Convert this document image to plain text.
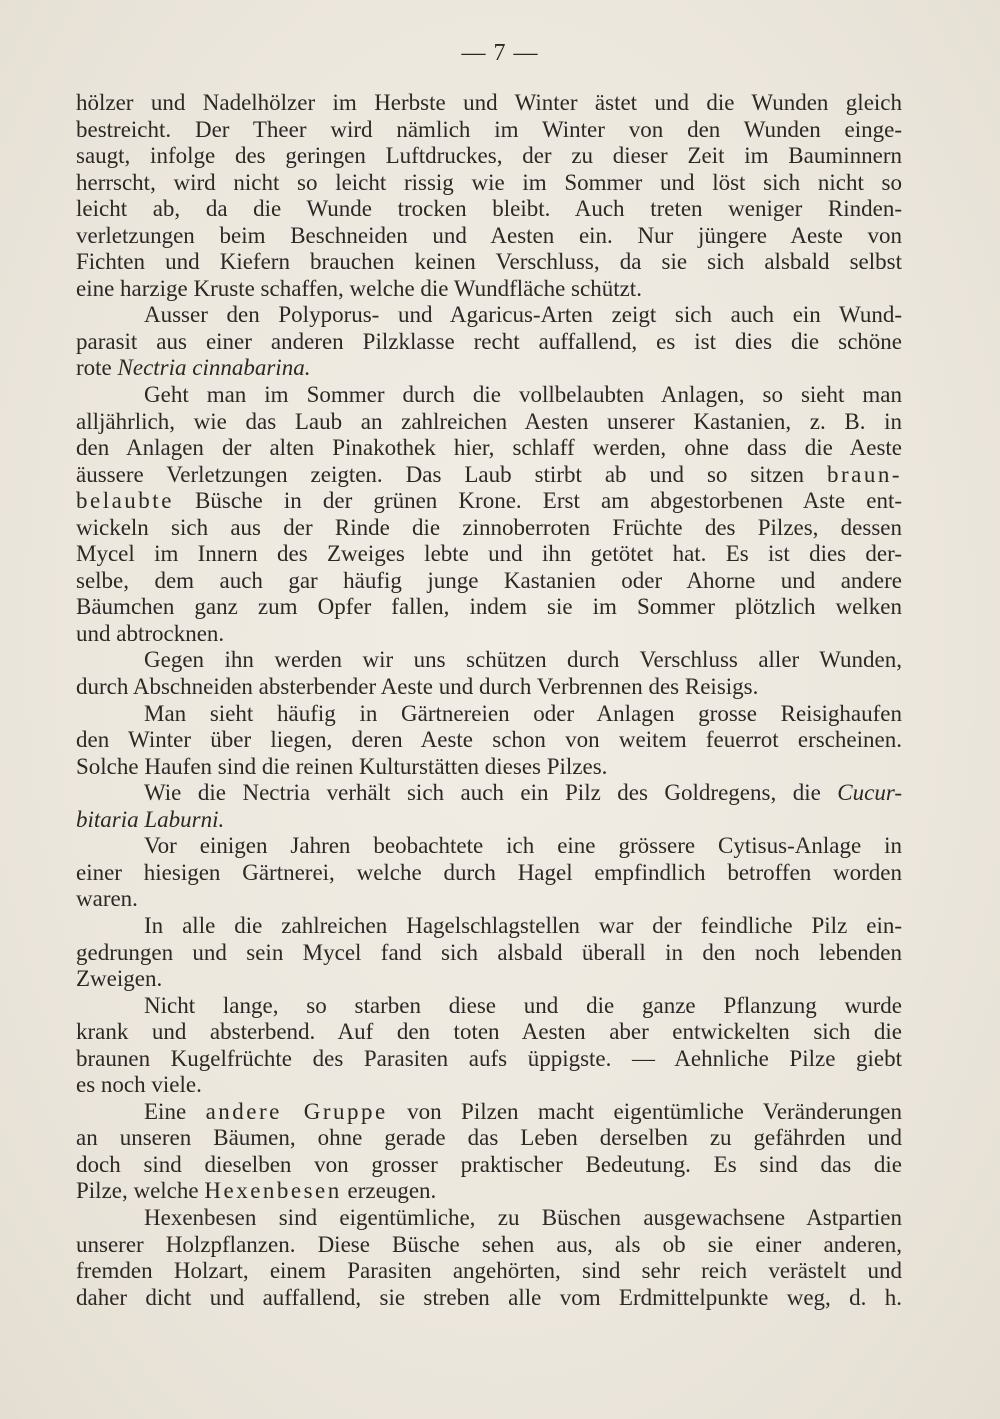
— 7 —
hölzer und Nadelhölzer im Herbste und Winter ästet und die Wunden gleich
bestreicht. Der Theer wird nämlich im Winter von den Wunden einge-
saugt, infolge des geringen Luftdruckes, der zu dieser Zeit im Bauminnern
herrscht, wird nicht so leicht rissig wie im Sommer und löst sich nicht so
leicht ab, da die Wunde trocken bleibt. Auch treten weniger Rinden-
verletzungen beim Beschneiden und Aesten ein. Nur jüngere Aeste von
Fichten und Kiefern brauchen keinen Verschluss, da sie sich alsbald selbst
eine harzige Kruste schaffen, welche die Wundfläche schützt.
Ausser den Polyporus- und Agaricus-Arten zeigt sich auch ein Wund-
parasit aus einer anderen Pilzklasse recht auffallend, es ist dies die schöne
rote Nectria cinnabarina.
Geht man im Sommer durch die vollbelaubten Anlagen, so sieht man
alljährlich, wie das Laub an zahlreichen Aesten unserer Kastanien, z. B. in
den Anlagen der alten Pinakothek hier, schlaff werden, ohne dass die Aeste
äussere Verletzungen zeigten. Das Laub stirbt ab und so sitzen braun-
belaubte Büsche in der grünen Krone. Erst am abgestorbenen Aste ent-
wickeln sich aus der Rinde die zinnoberroten Früchte des Pilzes, dessen
Mycel im Innern des Zweiges lebte und ihn getötet hat. Es ist dies der-
selbe, dem auch gar häufig junge Kastanien oder Ahorne und andere
Bäumchen ganz zum Opfer fallen, indem sie im Sommer plötzlich welken
und abtrocknen.
Gegen ihn werden wir uns schützen durch Verschluss aller Wunden,
durch Abschneiden absterbender Aeste und durch Verbrennen des Reisigs.
Man sieht häufig in Gärtnereien oder Anlagen grosse Reisighaufen
den Winter über liegen, deren Aeste schon von weitem feuerrot erscheinen.
Solche Haufen sind die reinen Kulturstätten dieses Pilzes.
Wie die Nectria verhält sich auch ein Pilz des Goldregens, die Cucur-
bitaria Laburni.
Vor einigen Jahren beobachtete ich eine grössere Cytisus-Anlage in
einer hiesigen Gärtnerei, welche durch Hagel empfindlich betroffen worden
waren.
In alle die zahlreichen Hagelschlagstellen war der feindliche Pilz ein-
gedrungen und sein Mycel fand sich alsbald überall in den noch lebenden
Zweigen.
Nicht lange, so starben diese und die ganze Pflanzung wurde
krank und absterbend. Auf den toten Aesten aber entwickelten sich die
braunen Kugelfrüchte des Parasiten aufs üppigste. — Aehnliche Pilze giebt
es noch viele.
Eine andere Gruppe von Pilzen macht eigentümliche Veränderungen
an unseren Bäumen, ohne gerade das Leben derselben zu gefährden und
doch sind dieselben von grosser praktischer Bedeutung. Es sind das die
Pilze, welche Hexenbesen erzeugen.
Hexenbesen sind eigentümliche, zu Büschen ausgewachsene Astpartien
unserer Holzpflanzen. Diese Büsche sehen aus, als ob sie einer anderen,
fremden Holzart, einem Parasiten angehörten, sind sehr reich verästelt und
daher dicht und auffallend, sie streben alle vom Erdmittelpunkte weg, d. h.
